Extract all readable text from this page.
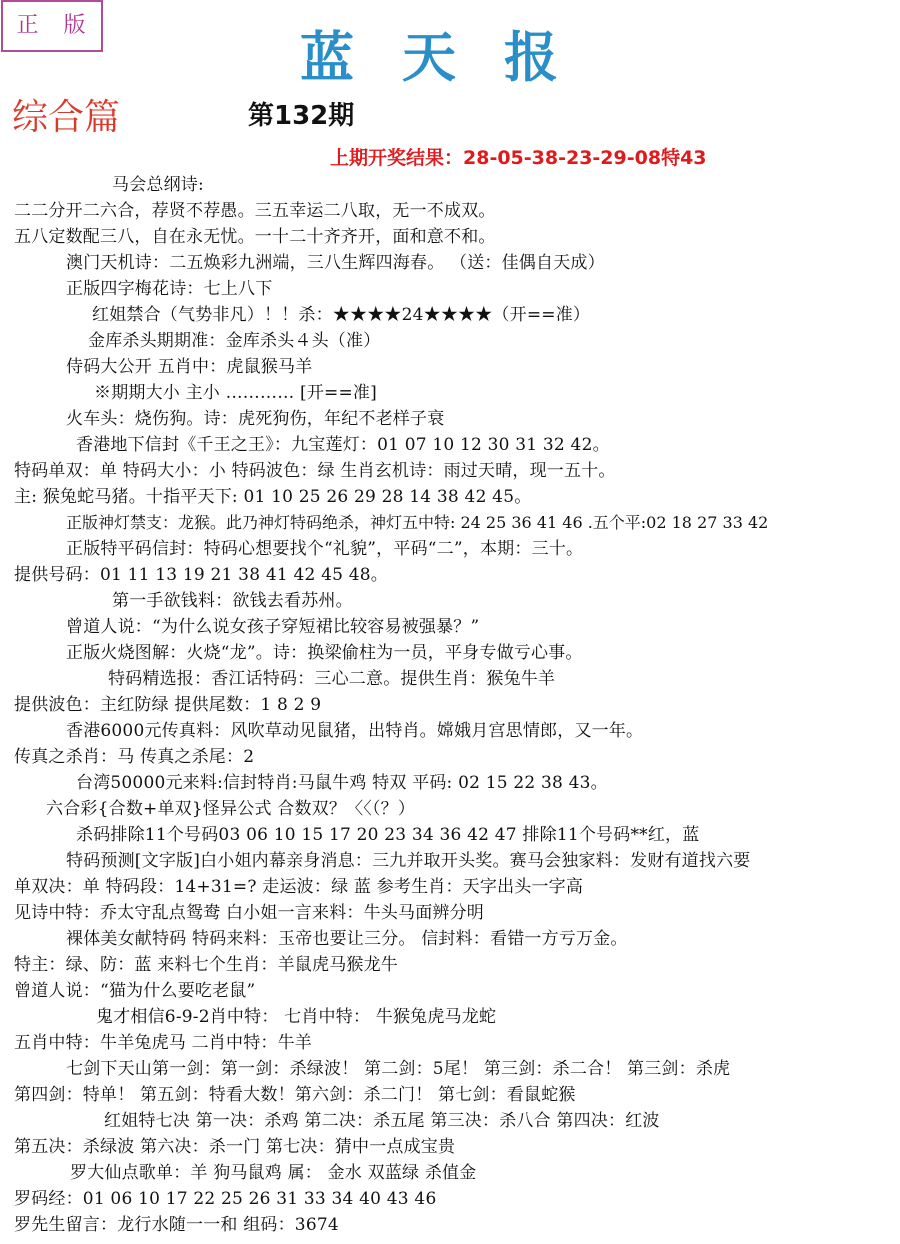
正 版	蓝天报
综合篇	第132期
上期开奖结果：28-05-38-23-29-08特43
马会总纲诗:
二二分开二六合，荐贤不荐愚。三五幸运二八取，无一不成双。
五八定数配三八，自在永无忧。一十二十齐齐开，面和意不和。
澳门天机诗：二五焕彩九洲端，三八生辉四海春。 （送：佳偶自天成）
正版四字梅花诗：七上八下
红姐禁合（气势非凡）！！杀：★★★★24★★★★（开==准）
金库杀头期期准：金库杀头４头（准）
侍码大公开 五肖中：虎鼠猴马羊
※期期大小 主小 ………… [开==准]
火车头：烧伤狗。诗：虎死狗伤，年纪不老样子衰
香港地下信封《千王之王》：九宝莲灯：01 07 10 12 30 31 32 42。
特码单双：单 特码大小：小 特码波色：绿 生肖玄机诗：雨过天晴，现一五十。
主: 猴兔蛇马猪。十指平天下: 01 10 25 26 29 28 14 38 42 45。
正版神灯禁支：龙猴。此乃神灯特码绝杀，神灯五中特: 24 25 36 41 46 .五个平:02 18 27 33 42
正版特平码信封：特码心想要找个“礼貌”，平码“二”，本期：三十。
提供号码：01 11 13 19 21 38 41 42 45 48。
第一手欲钱料：欲钱去看苏州。
曾道人说：“为什么说女孩子穿短裙比较容易被强暴？”
正版火烧图解：火烧“龙”。诗：换梁偷柱为一员，平身专做亏心事。
特码精选报：香江话特码：三心二意。提供生肖：猴兔牛羊
提供波色：主红防绿 提供尾数：1 8 2 9
香港6000元传真料：风吹草动见鼠猪，出特肖。嫦娥月宫思情郎，又一年。
传真之杀肖：马 传真之杀尾：2
台湾50000元来料:信封特肖:马鼠牛鸡 特双 平码: 02 15 22 38 43。
六合彩{合数+单双}怪异公式 合数双？〈〈（？）
杀码排除11个号码03 06 10 15 17 20 23 34 36 42 47 排除11个号码**红，蓝
特码预测[文字版]白小姐内幕亲身消息：三九并取开头奖。赛马会独家料：发财有道找六要
单双决：单 特码段：14+31=? 走运波：绿 蓝 参考生肖：天字出头一字高
见诗中特：乔太守乱点鸳鸯 白小姐一言来料：牛头马面辨分明
裸体美女献特码 特码来料：玉帝也要让三分。 信封料：看错一方亏万金。
特主：绿、防：蓝 来料七个生肖：羊鼠虎马猴龙牛
曾道人说：“猫为什么要吃老鼠”
鬼才相信6-9-2肖中特： 七肖中特： 牛猴兔虎马龙蛇
五肖中特：牛羊兔虎马 二肖中特：牛羊
七剑下天山第一剑：第一剑：杀绿波！ 第二剑：5尾！ 第三剑：杀二合！ 第三剑：杀虎
第四剑：特单！ 第五剑：特看大数！第六剑：杀二门！ 第七剑：看鼠蛇猴
红姐特七决 第一决：杀鸡 第二决：杀五尾 第三决：杀八合 第四决：红波
第五决：杀绿波 第六决：杀一门 第七决：猜中一点成宝贵
罗大仙点歌单：羊 狗马鼠鸡 属： 金水 双蓝绿 杀值金
罗码经：01 06 10 17 22 25 26 31 33 34 40 43 46
罗先生留言：龙行水随一一和 组码：3674
